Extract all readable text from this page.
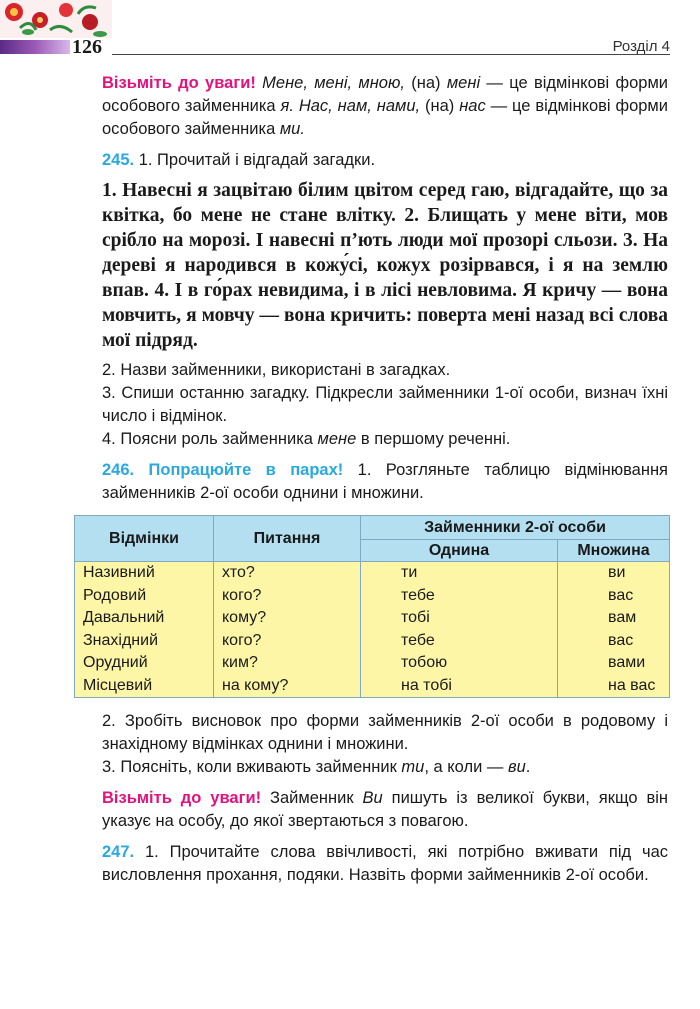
126	Розділ 4

Візьміть до уваги! Мене, мені, мною, (на) мені — це відмінкові форми особового займенника я. Нас, нам, нами, (на) нас — це відмінкові форми особового займенника ми.

245. 1. Прочитай і відгадай загадки.

1. Навесні я зацвітаю білим цвітом серед гаю, відгадайте, що за квітка, бо мене не стане влітку. 2. Блищать у мене віти, мов срібло на морозі. І навесні п’ють люди мої прозорі сльози. 3. На дереві я народився в кожу́сі, кожух розірвався, і я на землю впав. 4. І в го́рах невидима, і в лісі невловима. Я кричу — вона мовчить, я мовчу — вона кричить: поверта мені назад всі слова мої підряд.

2. Назви займенники, використані в загадках.

3. Спиши останню загадку. Підкресли займенники 1-ої особи, визнач їхні число і відмінок.

4. Поясни роль займенника мене в першому реченні.

246. Попрацюйте в парах! 1. Розгляньте таблицю відмінювання займенників 2-ої особи однини і множини.

Відмінки	Питання	Займенники 2-ої особи	
		Однина	Множина
Називний	хто?	ти	ви
Родовий	кого?	тебе	вас
Давальний	кому?	тобі	вам
Знахідний	кого?	тебе	вас
Орудний	ким?	тобою	вами
Місцевий	на кому?	на тобі	на вас

2. Зробіть висновок про форми займенників 2-ої особи в родовому і знахідному відмінках однини і множини.

3. Поясніть, коли вживають займенник ти, а коли — ви.

Візьміть до уваги! Займенник Ви пишуть із великої букви, якщо він указує на особу, до якої звертаються з повагою.

247. 1. Прочитайте слова ввічливості, які потрібно вживати під час висловлення прохання, подяки. Назвіть форми займенників 2-ої особи.
